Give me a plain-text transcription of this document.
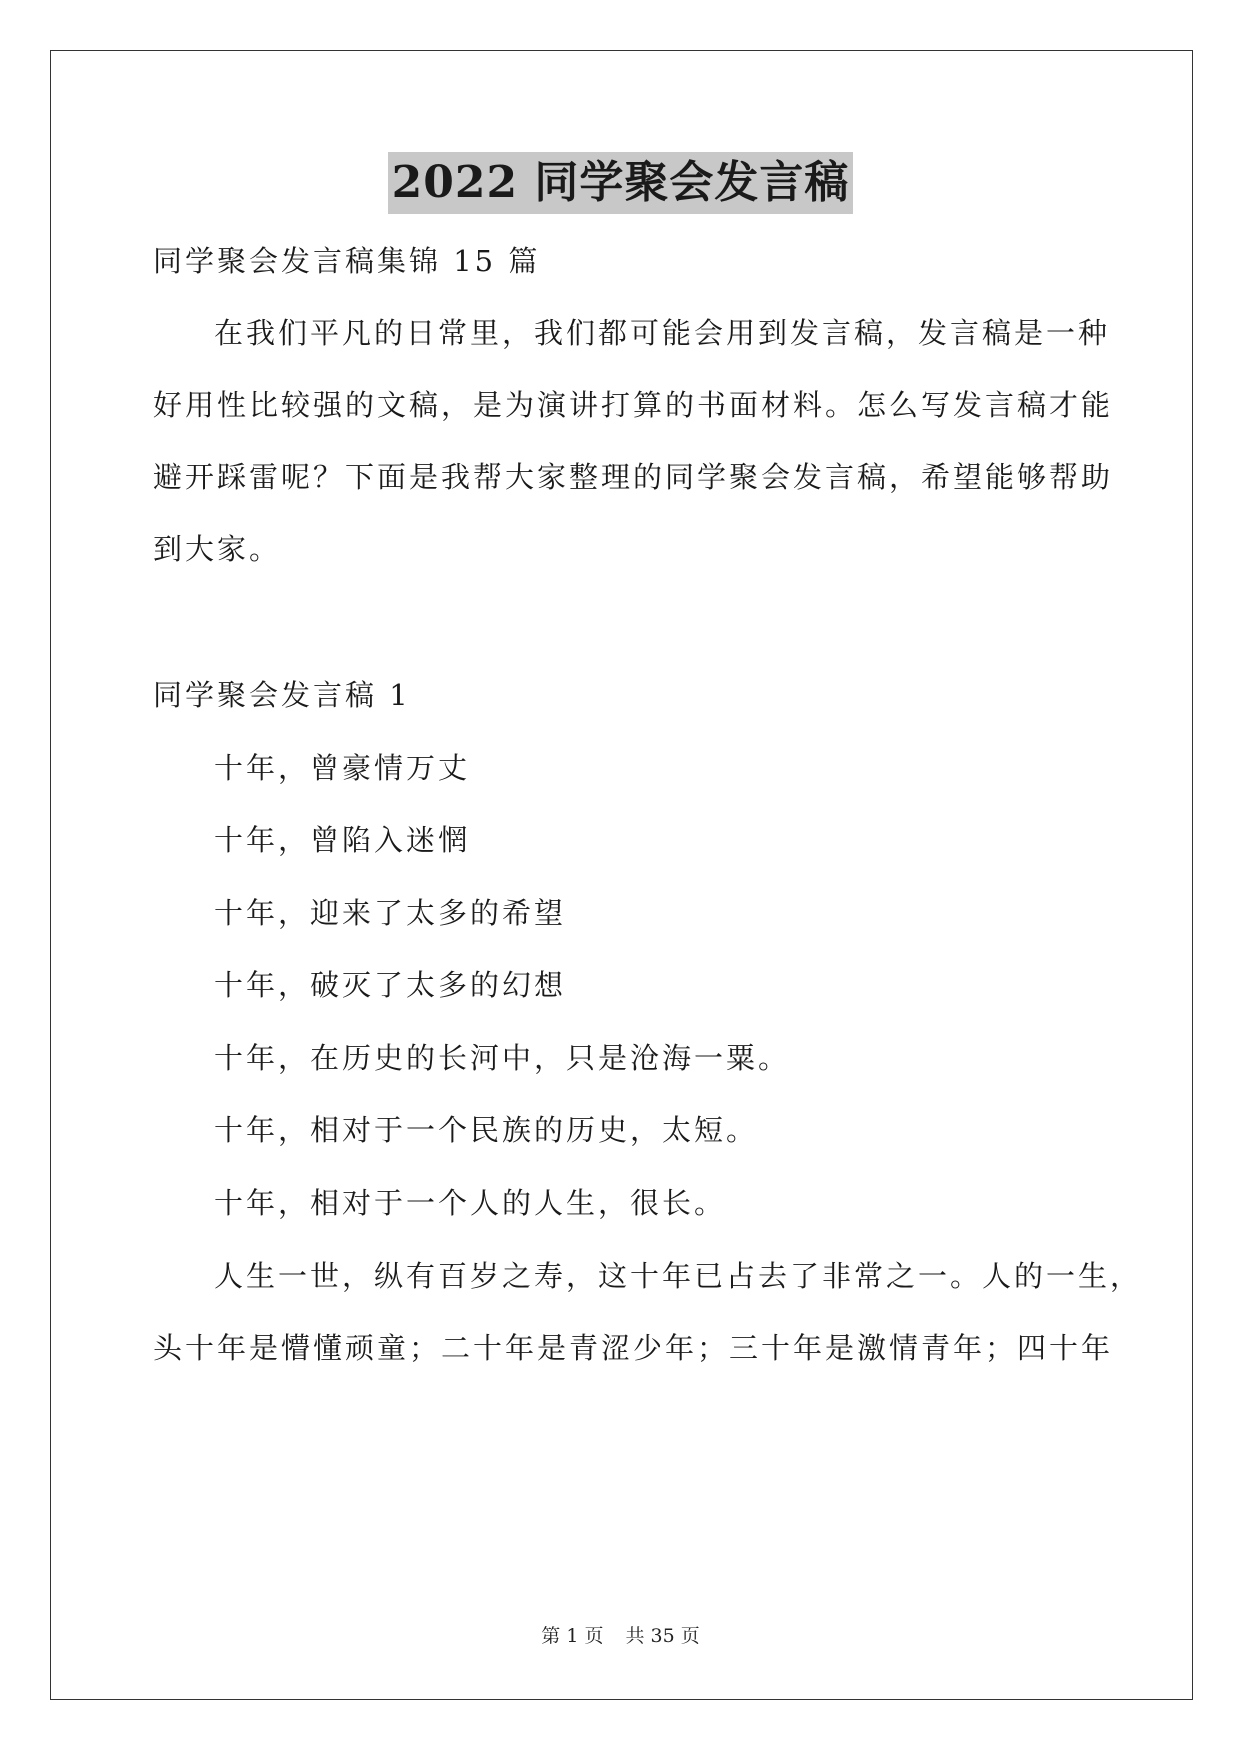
2022 同学聚会发言稿
同学聚会发言稿集锦 15 篇
在我们平凡的日常里，我们都可能会用到发言稿，发言稿是一种
好用性比较强的文稿，是为演讲打算的书面材料。怎么写发言稿才能
避开踩雷呢？下面是我帮大家整理的同学聚会发言稿，希望能够帮助
到大家。
同学聚会发言稿 1
十年，曾豪情万丈
十年，曾陷入迷惘
十年，迎来了太多的希望
十年，破灭了太多的幻想
十年，在历史的长河中，只是沧海一粟。
十年，相对于一个民族的历史，太短。
十年，相对于一个人的人生，很长。
人生一世，纵有百岁之寿，这十年已占去了非常之一。人的一生，
头十年是懵懂顽童；二十年是青涩少年；三十年是激情青年；四十年
第 1 页 共 35 页
